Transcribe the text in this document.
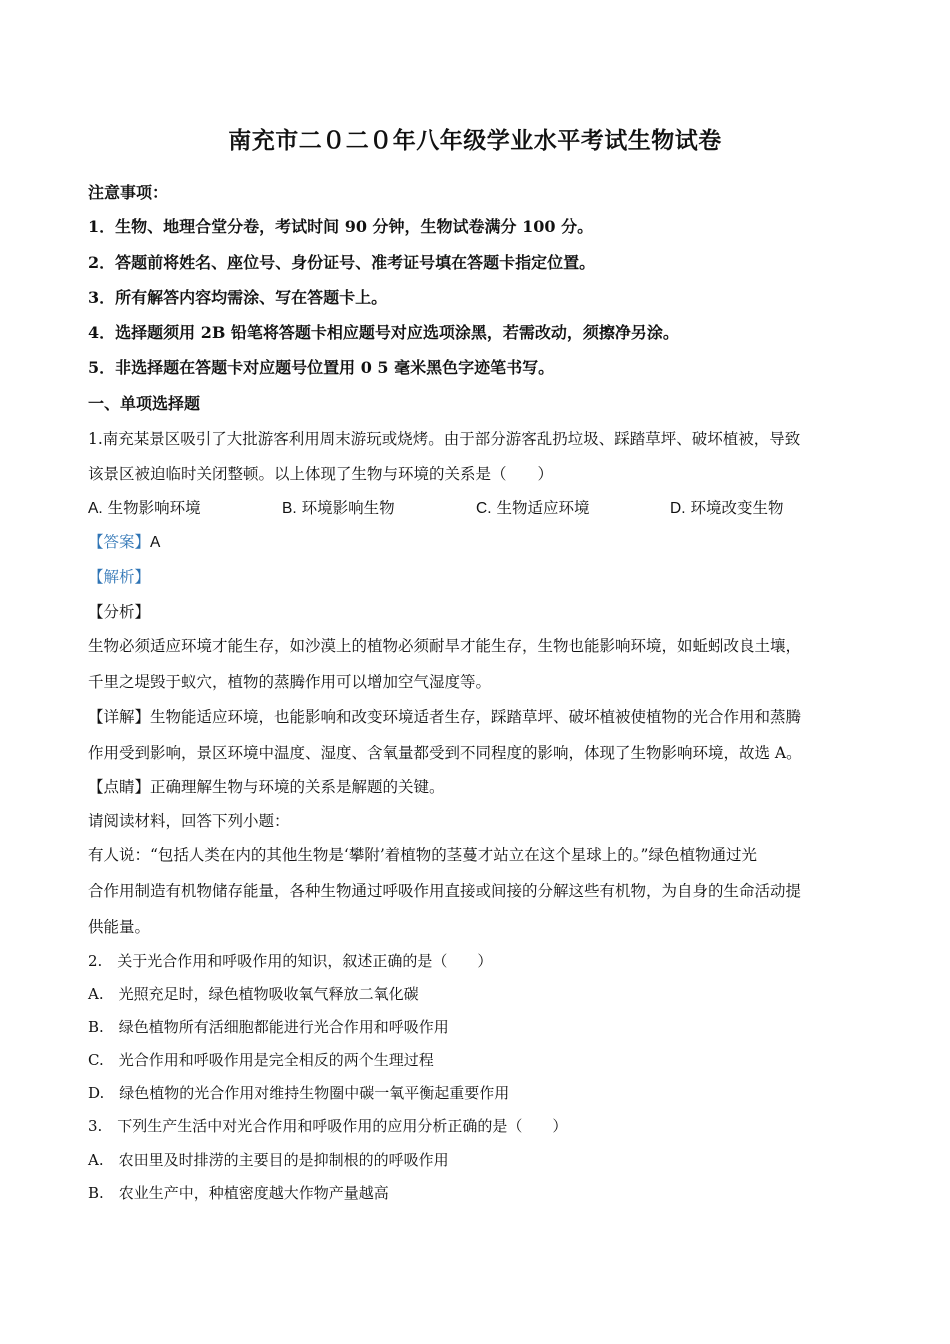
南充市二０二０年八年级学业水平考试生物试卷
注意事项：
1．生物、地理合堂分卷，考试时间 90 分钟，生物试卷满分 100 分。
2．答题前将姓名、座位号、身份证号、准考证号填在答题卡指定位置。
3．所有解答内容均需涂、写在答题卡上。
4．选择题须用 2B 铅笔将答题卡相应题号对应选项涂黑，若需改动，须擦净另涂。
5．非选择题在答题卡对应题号位置用 0 5 毫米黑色字迹笔书写。
一、单项选择题
1.南充某景区吸引了大批游客利用周末游玩或烧烤。由于部分游客乱扔垃圾、踩踏草坪、破坏植被，导致
该景区被迫临时关闭整顿。以上体现了生物与环境的关系是（　　）
A. 生物影响环境	B. 环境影响生物	C. 生物适应环境	D. 环境改变生物
【答案】A
【解析】
【分析】
生物必须适应环境才能生存，如沙漠上的植物必须耐旱才能生存，生物也能影响环境，如蚯蚓改良土壤，
千里之堤毁于蚁穴，植物的蒸腾作用可以增加空气湿度等。
【详解】生物能适应环境，也能影响和改变环境适者生存，踩踏草坪、破坏植被使植物的光合作用和蒸腾
作用受到影响，景区环境中温度、湿度、含氧量都受到不同程度的影响，体现了生物影响环境，故选 A。
【点睛】正确理解生物与环境的关系是解题的关键。
请阅读材料，回答下列小题：
有人说：“包括人类在内的其他生物是‘攀附’着植物的茎蔓才站立在这个星球上的。”绿色植物通过光
合作用制造有机物储存能量，各种生物通过呼吸作用直接或间接的分解这些有机物，为自身的生命活动提
供能量。
2.　关于光合作用和呼吸作用的知识，叙述正确的是（　　）
A.　光照充足时，绿色植物吸收氧气释放二氧化碳
B.　绿色植物所有活细胞都能进行光合作用和呼吸作用
C.　光合作用和呼吸作用是完全相反的两个生理过程
D.　绿色植物的光合作用对维持生物圈中碳一氧平衡起重要作用
3.　下列生产生活中对光合作用和呼吸作用的应用分析正确的是（　　）
A.　农田里及时排涝的主要目的是抑制根的的呼吸作用
B.　农业生产中，种植密度越大作物产量越高
